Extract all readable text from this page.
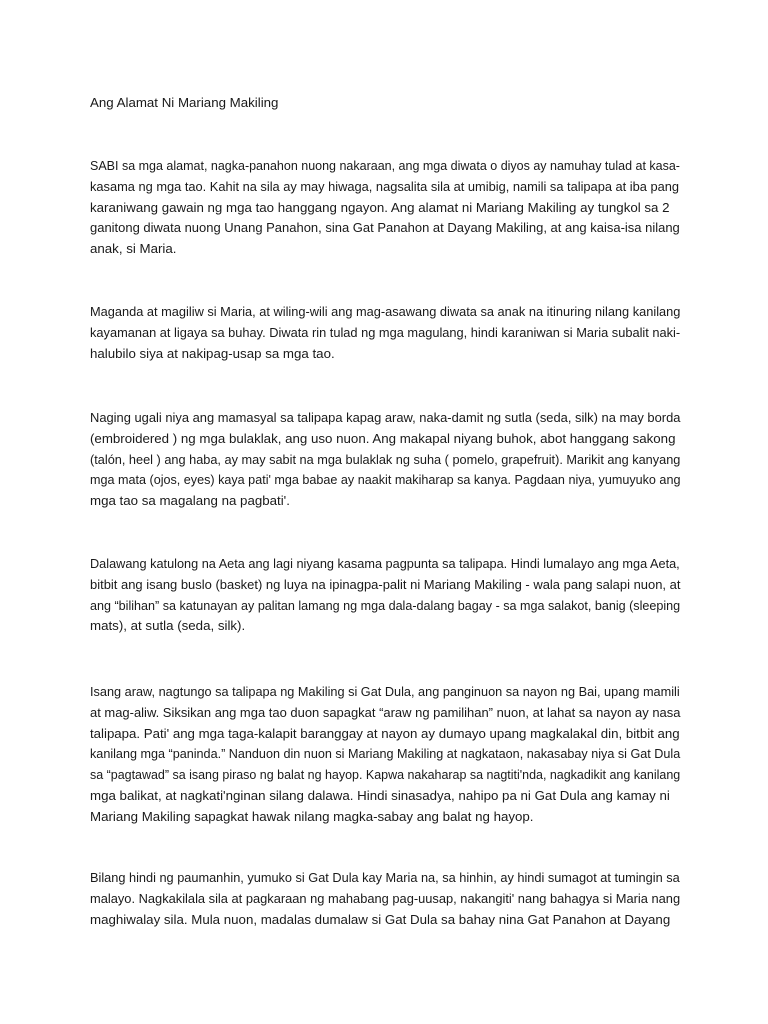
Ang Alamat Ni Mariang Makiling
SABI sa mga alamat, nagka-panahon nuong nakaraan, ang mga diwata o diyos ay namuhay tulad at kasa-
kasama ng mga tao. Kahit na sila ay may hiwaga, nagsalita sila at umibig, namili sa talipapa at iba pang
karaniwang gawain ng mga tao hanggang ngayon. Ang alamat ni Mariang Makiling ay tungkol sa 2
ganitong diwata nuong Unang Panahon, sina Gat Panahon at Dayang Makiling, at ang kaisa-isa nilang
anak, si Maria.
Maganda at magiliw si Maria, at wiling-wili ang mag-asawang diwata sa anak na itinuring nilang kanilang
kayamanan at ligaya sa buhay. Diwata rin tulad ng mga magulang, hindi karaniwan si Maria subalit naki-
halubilo siya at nakipag-usap sa mga tao.
Naging ugali niya ang mamasyal sa talipapa kapag araw, naka-damit ng sutla (seda, silk) na may borda
(embroidered ) ng mga bulaklak, ang uso nuon. Ang makapal niyang buhok, abot hanggang sakong
(talón, heel ) ang haba, ay may sabit na mga bulaklak ng suha ( pomelo, grapefruit). Marikit ang kanyang
mga mata (ojos, eyes) kaya pati' mga babae ay naakit makiharap sa kanya. Pagdaan niya, yumuyuko ang
mga tao sa magalang na pagbati'.
Dalawang katulong na Aeta ang lagi niyang kasama pagpunta sa talipapa. Hindi lumalayo ang mga Aeta,
bitbit ang isang buslo (basket) ng luya na ipinagpa-palit ni Mariang Makiling - wala pang salapi nuon, at
ang “bilihan” sa katunayan ay palitan lamang ng mga dala-dalang bagay - sa mga salakot, banig (sleeping
mats), at sutla (seda, silk).
Isang araw, nagtungo sa talipapa ng Makiling si Gat Dula, ang panginuon sa nayon ng Bai, upang mamili
at mag-aliw. Siksikan ang mga tao duon sapagkat “araw ng pamilihan” nuon, at lahat sa nayon ay nasa
talipapa. Pati' ang mga taga-kalapit baranggay at nayon ay dumayo upang magkalakal din, bitbit ang
kanilang mga “paninda.” Nanduon din nuon si Mariang Makiling at nagkataon, nakasabay niya si Gat Dula
sa “pagtawad” sa isang piraso ng balat ng hayop. Kapwa nakaharap sa nagtiti'nda, nagkadikit ang kanilang
mga balikat, at nagkati'nginan silang dalawa. Hindi sinasadya, nahipo pa ni Gat Dula ang kamay ni
Mariang Makiling sapagkat hawak nilang magka-sabay ang balat ng hayop.
Bilang hindi ng paumanhin, yumuko si Gat Dula kay Maria na, sa hinhin, ay hindi sumagot at tumingin sa
malayo. Nagkakilala sila at pagkaraan ng mahabang pag-uusap, nakangiti' nang bahagya si Maria nang
maghiwalay sila. Mula nuon, madalas dumalaw si Gat Dula sa bahay nina Gat Panahon at Dayang
